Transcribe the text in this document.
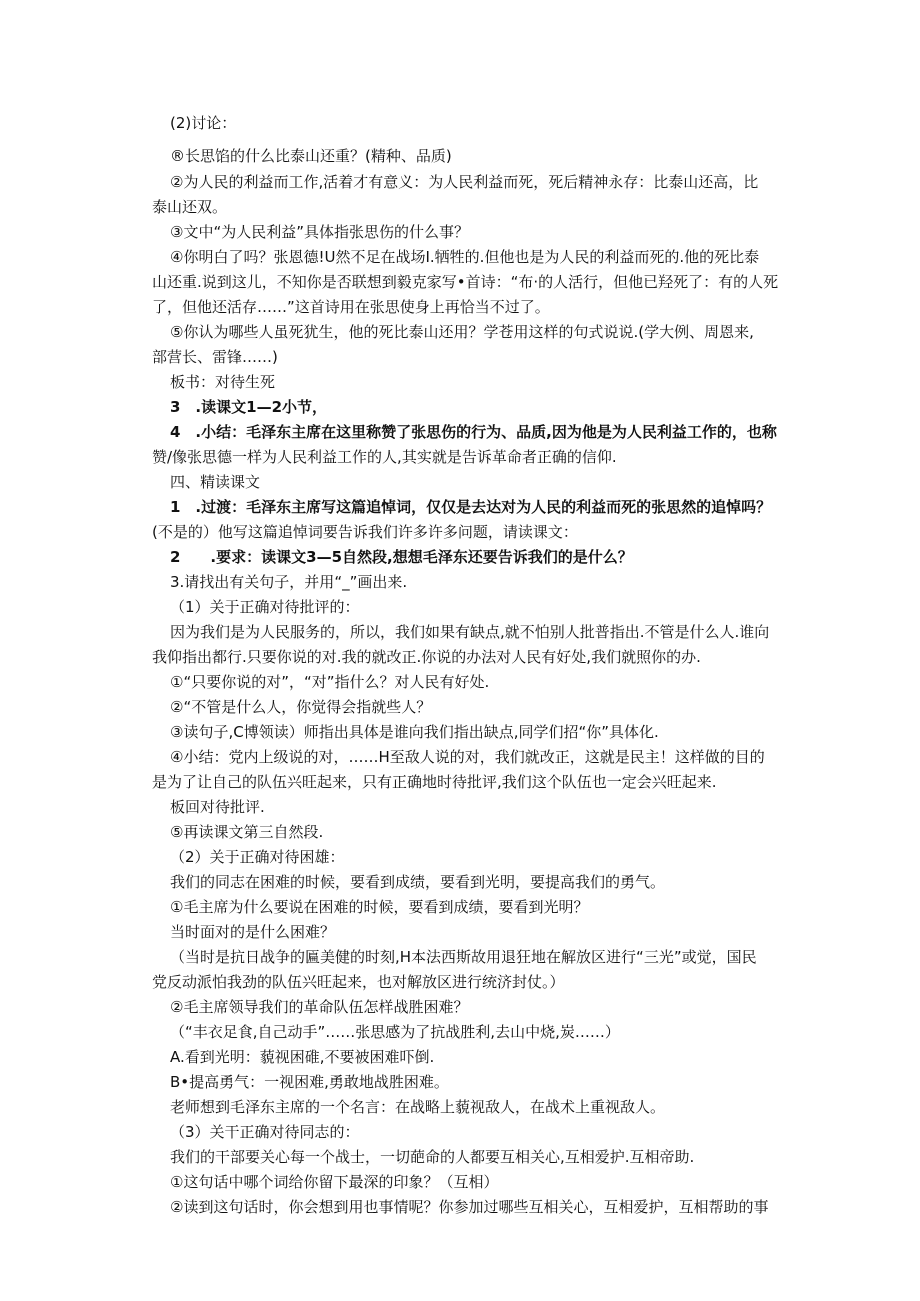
(2)讨论：
®长思馅的什么比泰山还重？(精种、品质)
②为人民的利益而工作,活着才有意义：为人民利益而死，死后精神永存：比泰山还高，比
泰山还双。
③文中“为人民利益”具体指张思伤的什么事？
④你明白了吗？张恩德!U然不足在战场I.牺牲的.但他也是为人民的利益而死的.他的死比泰
山还重.说到这儿，不知你是否联想到毅克家写•首诗：“布·的人活行，但他已羟死了：有的人死
了，但他还活存……”这首诗用在张思使身上再恰当不过了。
⑤你认为哪些人虽死犹生，他的死比泰山还用？学苍用这样的句式说说.(学大例、周恩来,
部营长、雷锋……)
板书：对待生死
3　.读课文1—2小节，
4　.小结：毛泽东主席在这里称赞了张思伤的行为、品质,因为他是为人民利益工作的，也称
赞/像张思德一样为人民利益工作的人,其实就是告诉革命者正确的信仰.
四、精读课文
1　.过渡：毛泽东主席写这篇追悼词，仅仅是去达对为人民的利益而死的张思然的追悼吗？
(不是的）他写这篇追悼词要告诉我们许多许多问题，请读课文：
2　　.要求：读课文3—5自然段,想想毛泽东还要告诉我们的是什么？
3.请找出有关句子，并用“_”画出来.
（1）关于正确对待批评的：
因为我们是为人民服务的，所以，我们如果有缺点,就不怕别人批普指出.不管是什么人.谁向
我仰指出都行.只要你说的对.我的就改正.你说的办法对人民有好处,我们就照你的办.
①“只要你说的对”，“对”指什么？对人民有好处.
②“不管是什么人，你觉得会指就些人？
③读句子,C博领读）师指出具体是谁向我们指出缺点,同学们招“你”具体化.
④小结：党内上级说的对，……H至敌人说的对，我们就改正，这就是民主！这样做的目的
是为了让自己的队伍兴旺起来，只有正确地时待批评,我们这个队伍也一定会兴旺起来.
板回对待批评.
⑤再读课文第三自然段.
（2）关于正确对待困雄：
我们的同志在困难的时候，要看到成绩，要看到光明，要提高我们的勇气。
①毛主席为什么要说在困难的时候，要看到成绩，要看到光明？
当时面对的是什么困难？
（当时是抗日战争的匾美健的时刻,H本法西斯故用退狂地在解放区进行“三光”或觉，国民
党反动派怕我劲的队伍兴旺起来，也对解放区进行统济封仗。）
②毛主席领导我们的革命队伍怎样战胜困难？
（“丰衣足食,自己动手”……张思感为了抗战胜利,去山中烧,炭……）
A.看到光明：藐视困碓,不要被困难吓倒.
B•提高勇气：一视困难,勇敢地战胜困难。
老师想到毛泽东主席的一个名言：在战略上藐视敌人，在战术上重视敌人。
（3）关干正确对待同志的：
我们的干部要关心每一个战士，一切葩命的人都要互相关心,互相爱护.互相帝助.
①这句话中哪个词给你留下最深的印象？（互相）
②读到这句话时，你会想到用也事情呢？你参加过哪些互相关心，互相爱护，互相帮助的事
